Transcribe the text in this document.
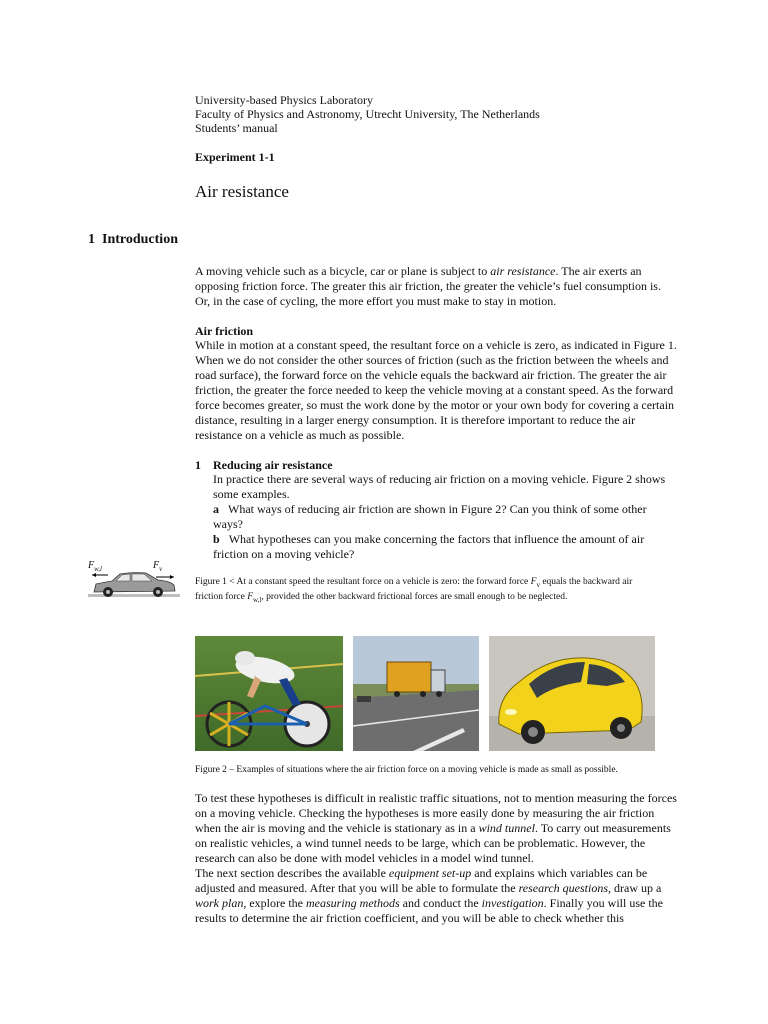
University-based Physics Laboratory
Faculty of Physics and Astronomy, Utrecht University, The Netherlands
Students’ manual
Experiment 1-1
Air resistance
1 Introduction
A moving vehicle such as a bicycle, car or plane is subject to air resistance. The air exerts an opposing friction force. The greater this air friction, the greater the vehicle’s fuel consumption is. Or, in the case of cycling, the more effort you must make to stay in motion.
Air friction
While in motion at a constant speed, the resultant force on a vehicle is zero, as indicated in Figure 1. When we do not consider the other sources of friction (such as the friction between the wheels and road surface), the forward force on the vehicle equals the backward air friction. The greater the air friction, the greater the force needed to keep the vehicle moving at a constant speed. As the forward force becomes greater, so must the work done by the motor or your own body for covering a certain distance, resulting in a larger energy consumption. It is therefore important to reduce the air resistance on a vehicle as much as possible.
1 Reducing air resistance
In practice there are several ways of reducing air friction on a moving vehicle. Figure 2 shows some examples.
a What ways of reducing air friction are shown in Figure 2? Can you think of some other ways?
b What hypotheses can you make concerning the factors that influence the amount of air friction on a moving vehicle?
$F_{w,l}$	$F_v$
Figure 1 < At a constant speed the resultant force on a vehicle is zero: the forward force $F_v$ equals the backward air
friction force $F_{w,l}$, provided the other backward frictional forces are small enough to be neglected.
Figure 2 – Examples of situations where the air friction force on a moving vehicle is made as small as possible.
To test these hypotheses is difficult in realistic traffic situations, not to mention measuring the forces on a moving vehicle. Checking the hypotheses is more easily done by measuring the air friction when the air is moving and the vehicle is stationary as in a wind tunnel. To carry out measurements on realistic vehicles, a wind tunnel needs to be large, which can be problematic. However, the research can also be done with model vehicles in a model wind tunnel.
The next section describes the available equipment set-up and explains which variables can be adjusted and measured. After that you will be able to formulate the research questions, draw up a work plan, explore the measuring methods and conduct the investigation. Finally you will use the results to determine the air friction coefficient, and you will be able to check whether this
